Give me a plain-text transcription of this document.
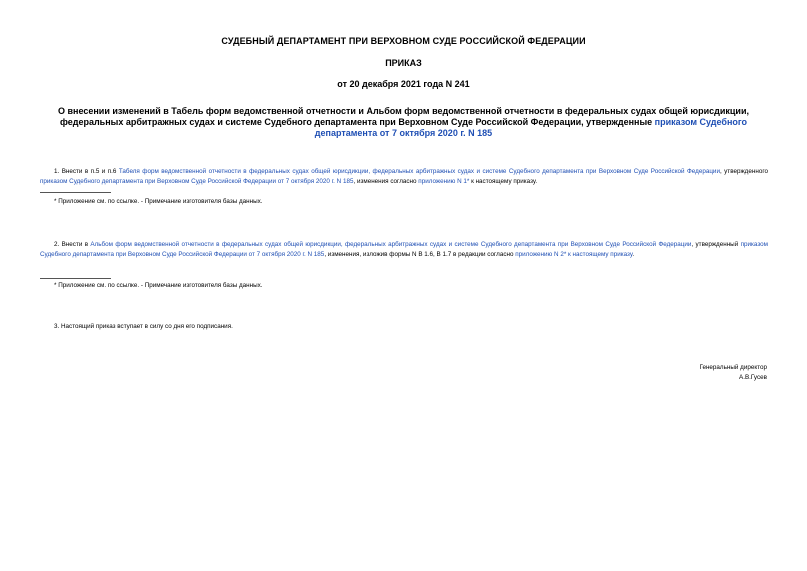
СУДЕБНЫЙ ДЕПАРТАМЕНТ ПРИ ВЕРХОВНОМ СУДЕ РОССИЙСКОЙ ФЕДЕРАЦИИ
ПРИКАЗ
от 20 декабря 2021 года N 241
О внесении изменений в Табель форм ведомственной отчетности и Альбом форм ведомственной отчетности в федеральных судах общей юрисдикции, федеральных арбитражных судах и системе Судебного департамента при Верховном Суде Российской Федерации, утвержденные приказом Судебного департамента от 7 октября 2020 г. N 185
1. Внести в п.5 и п.6 Табеля форм ведомственной отчетности в федеральных судах общей юрисдикции, федеральных арбитражных судах и системе Судебного департамента при Верховном Суде Российской Федерации, утвержденного приказом Судебного департамента при Верховном Суде Российской Федерации от 7 октября 2020 г. N 185, изменения согласно приложению N 1* к настоящему приказу.
* Приложение см. по ссылке. - Примечание изготовителя базы данных.
2. Внести в Альбом форм ведомственной отчетности в федеральных судах общей юрисдикции, федеральных арбитражных судах и системе Судебного департамента при Верховном Суде Российской Федерации, утвержденный приказом Судебного департамента при Верховном Суде Российской Федерации от 7 октября 2020 г. N 185, изменения, изложив формы N В 1.6, В 1.7 в редакции согласно приложению N 2* к настоящему приказу.
* Приложение см. по ссылке. - Примечание изготовителя базы данных.
3. Настоящий приказ вступает в силу со дня его подписания.
Генеральный директор
А.В.Гусев
